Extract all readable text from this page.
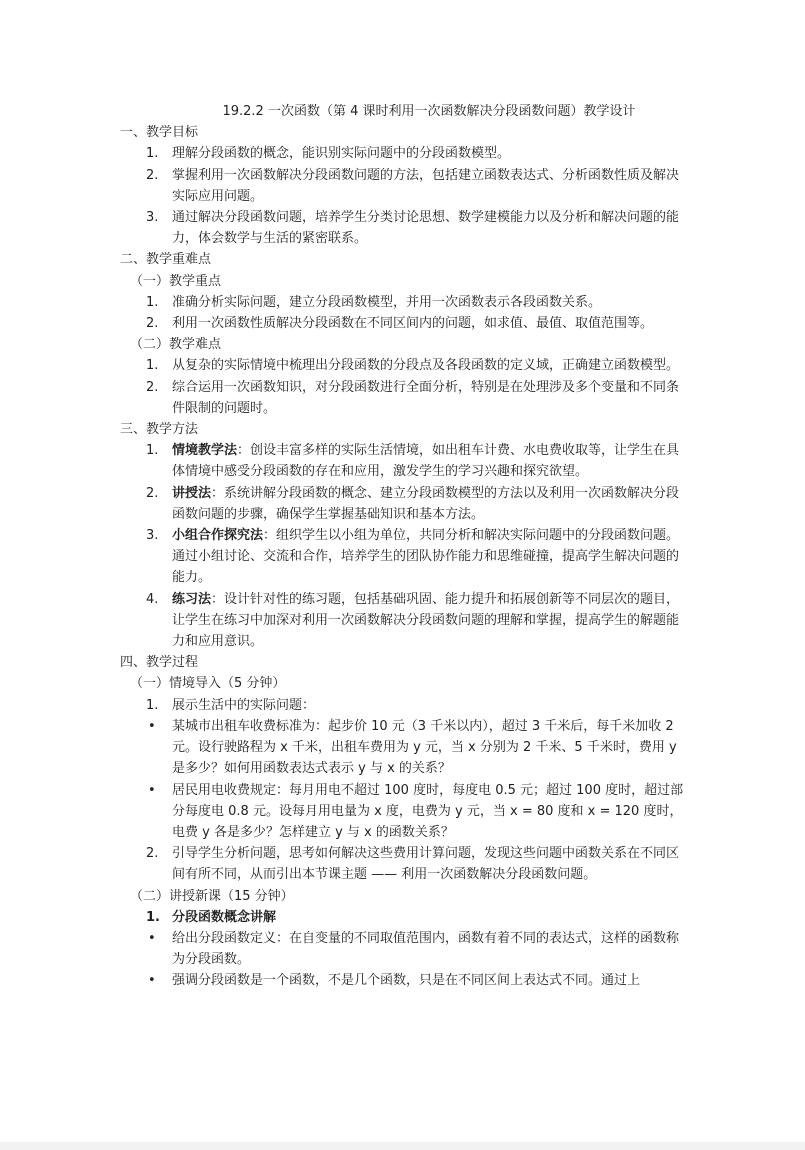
19.2.2 一次函数（第 4 课时利用一次函数解决分段函数问题）教学设计

一、教学目标

1. 理解分段函数的概念，能识别实际问题中的分段函数模型。

2. 掌握利用一次函数解决分段函数问题的方法，包括建立函数表达式、分析函数性质及解决实际应用问题。

3. 通过解决分段函数问题，培养学生分类讨论思想、数学建模能力以及分析和解决问题的能力，体会数学与生活的紧密联系。

二、教学重难点

（一）教学重点

1. 准确分析实际问题，建立分段函数模型，并用一次函数表示各段函数关系。

2. 利用一次函数性质解决分段函数在不同区间内的问题，如求值、最值、取值范围等。

（二）教学难点

1. 从复杂的实际情境中梳理出分段函数的分段点及各段函数的定义域，正确建立函数模型。

2. 综合运用一次函数知识，对分段函数进行全面分析，特别是在处理涉及多个变量和不同条件限制的问题时。

三、教学方法

1. 情境教学法：创设丰富多样的实际生活情境，如出租车计费、水电费收取等，让学生在具体情境中感受分段函数的存在和应用，激发学生的学习兴趣和探究欲望。

2. 讲授法：系统讲解分段函数的概念、建立分段函数模型的方法以及利用一次函数解决分段函数问题的步骤，确保学生掌握基础知识和基本方法。

3. 小组合作探究法：组织学生以小组为单位，共同分析和解决实际问题中的分段函数问题。通过小组讨论、交流和合作，培养学生的团队协作能力和思维碰撞，提高学生解决问题的能力。

4. 练习法：设计针对性的练习题，包括基础巩固、能力提升和拓展创新等不同层次的题目，让学生在练习中加深对利用一次函数解决分段函数问题的理解和掌握，提高学生的解题能力和应用意识。

四、教学过程

（一）情境导入（5 分钟）

1. 展示生活中的实际问题：

• 某城市出租车收费标准为：起步价 10 元（3 千米以内），超过 3 千米后，每千米加收 2 元。设行驶路程为 x 千米，出租车费用为 y 元，当 x 分别为 2 千米、5 千米时，费用 y 是多少？如何用函数表达式表示 y 与 x 的关系？

• 居民用电收费规定：每月用电不超过 100 度时，每度电 0.5 元；超过 100 度时，超过部分每度电 0.8 元。设每月用电量为 x 度，电费为 y 元，当 x = 80 度和 x = 120 度时，电费 y 各是多少？怎样建立 y 与 x 的函数关系？

2. 引导学生分析问题，思考如何解决这些费用计算问题，发现这些问题中函数关系在不同区间有所不同，从而引出本节课主题 —— 利用一次函数解决分段函数问题。

（二）讲授新课（15 分钟）

1. 分段函数概念讲解

• 给出分段函数定义：在自变量的不同取值范围内，函数有着不同的表达式，这样的函数称为分段函数。

• 强调分段函数是一个函数，不是几个函数，只是在不同区间上表达式不同。通过上
